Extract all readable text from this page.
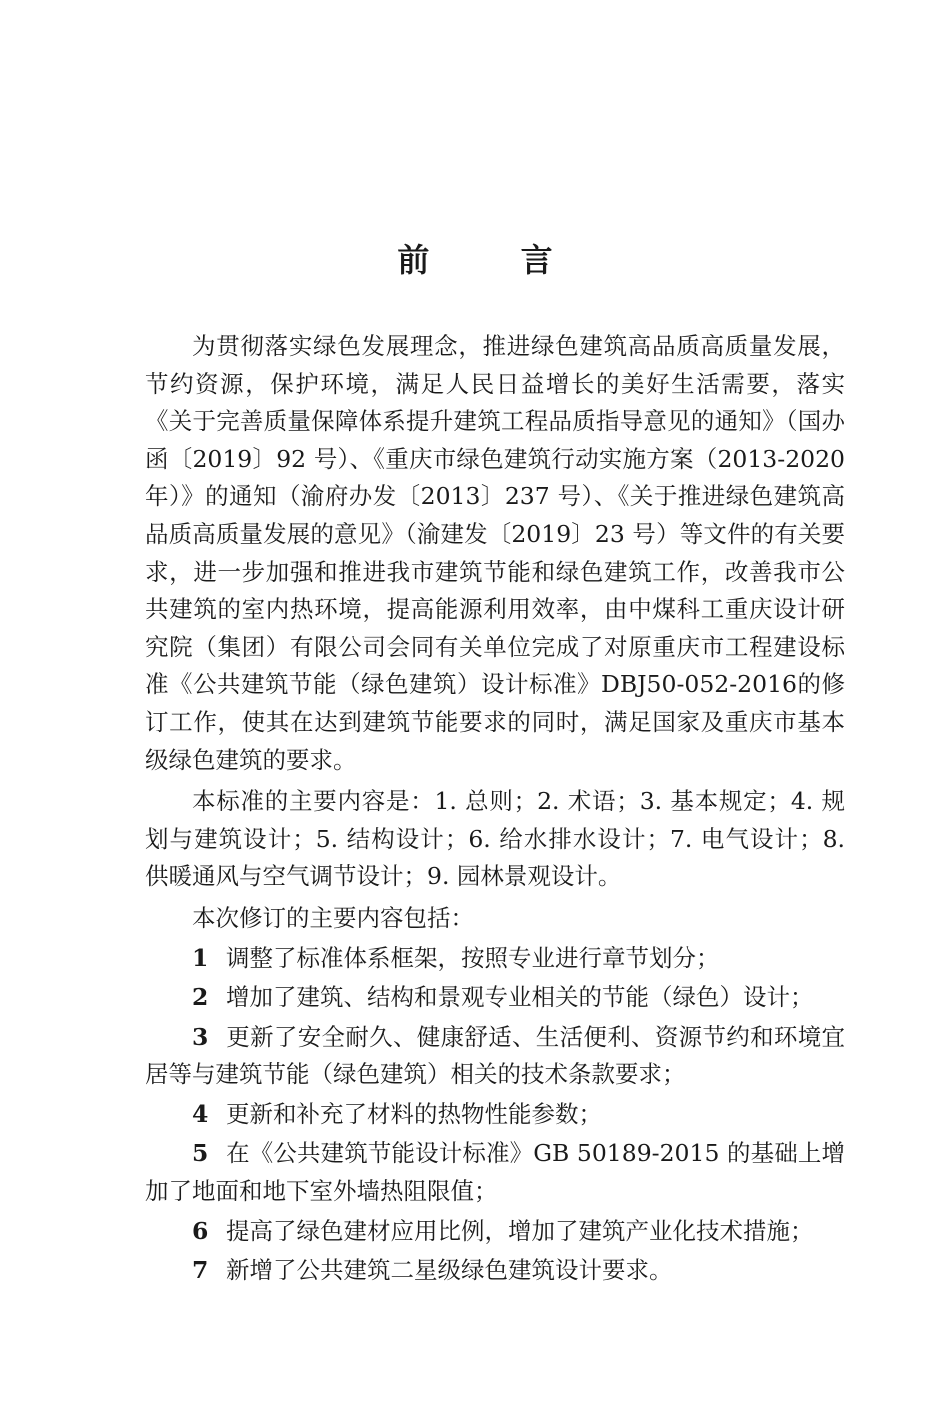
前 言

为贯彻落实绿色发展理念，推进绿色建筑高品质高质量发展，节约资源，保护环境，满足人民日益增长的美好生活需要，落实《关于完善质量保障体系提升建筑工程品质指导意见的通知》（国办函〔2019〕92 号）、《重庆市绿色建筑行动实施方案（2013-2020 年）》的通知（渝府办发〔2013〕237 号）、《关于推进绿色建筑高品质高质量发展的意见》（渝建发〔2019〕23 号）等文件的有关要求，进一步加强和推进我市建筑节能和绿色建筑工作，改善我市公共建筑的室内热环境，提高能源利用效率，由中煤科工重庆设计研究院（集团）有限公司会同有关单位完成了对原重庆市工程建设标准《公共建筑节能（绿色建筑）设计标准》DBJ50-052-2016的修订工作，使其在达到建筑节能要求的同时，满足国家及重庆市基本级绿色建筑的要求。

本标准的主要内容是：1. 总则；2. 术语；3. 基本规定；4. 规划与建筑设计；5. 结构设计；6. 给水排水设计；7. 电气设计；8. 供暖通风与空气调节设计；9. 园林景观设计。

本次修订的主要内容包括：

1 调整了标准体系框架，按照专业进行章节划分；

2 增加了建筑、结构和景观专业相关的节能（绿色）设计；

3 更新了安全耐久、健康舒适、生活便利、资源节约和环境宜居等与建筑节能（绿色建筑）相关的技术条款要求；

4 更新和补充了材料的热物性能参数；

5 在《公共建筑节能设计标准》GB 50189-2015 的基础上增加了地面和地下室外墙热阻限值；

6 提高了绿色建材应用比例，增加了建筑产业化技术措施；

7 新增了公共建筑二星级绿色建筑设计要求。
